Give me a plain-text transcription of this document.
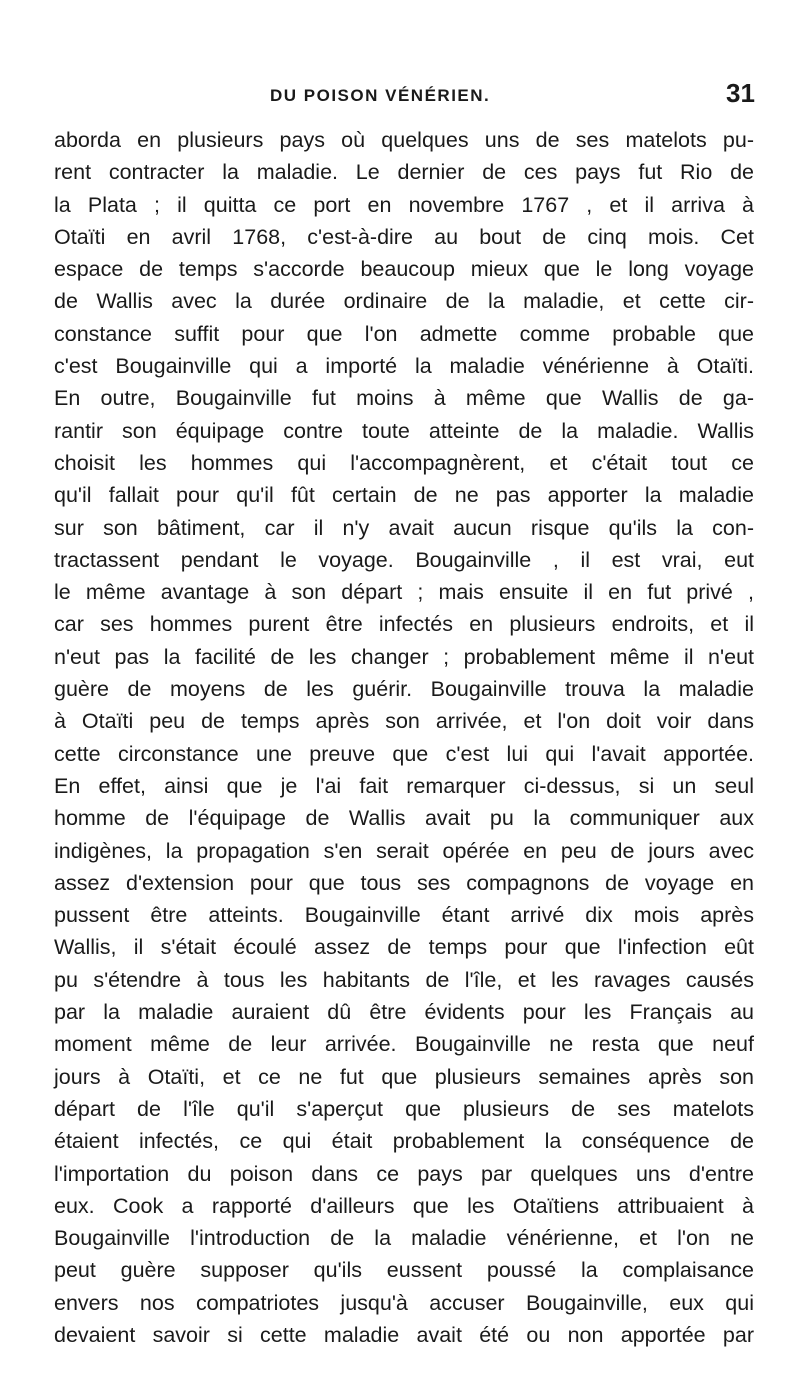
DU POISON VÉNÉRIEN.	31
aborda en plusieurs pays où quelques uns de ses matelots pu-
rent contracter la maladie. Le dernier de ces pays fut Rio de
la Plata ; il quitta ce port en novembre 1767 , et il arriva à
Otaïti en avril 1768, c'est-à-dire au bout de cinq mois. Cet
espace de temps s'accorde beaucoup mieux que le long voyage
de Wallis avec la durée ordinaire de la maladie, et cette cir-
constance suffit pour que l'on admette comme probable que
c'est Bougainville qui a importé la maladie vénérienne à Otaïti.
En outre, Bougainville fut moins à même que Wallis de ga-
rantir son équipage contre toute atteinte de la maladie. Wallis
choisit les hommes qui l'accompagnèrent, et c'était tout ce
qu'il fallait pour qu'il fût certain de ne pas apporter la maladie
sur son bâtiment, car il n'y avait aucun risque qu'ils la con-
tractassent pendant le voyage. Bougainville , il est vrai, eut
le même avantage à son départ ; mais ensuite il en fut privé ,
car ses hommes purent être infectés en plusieurs endroits, et il
n'eut pas la facilité de les changer ; probablement même il n'eut
guère de moyens de les guérir. Bougainville trouva la maladie
à Otaïti peu de temps après son arrivée, et l'on doit voir dans
cette circonstance une preuve que c'est lui qui l'avait apportée.
En effet, ainsi que je l'ai fait remarquer ci-dessus, si un seul
homme de l'équipage de Wallis avait pu la communiquer aux
indigènes, la propagation s'en serait opérée en peu de jours avec
assez d'extension pour que tous ses compagnons de voyage en
pussent être atteints. Bougainville étant arrivé dix mois après
Wallis, il s'était écoulé assez de temps pour que l'infection eût
pu s'étendre à tous les habitants de l'île, et les ravages causés
par la maladie auraient dû être évidents pour les Français au
moment même de leur arrivée. Bougainville ne resta que neuf
jours à Otaïti, et ce ne fut que plusieurs semaines après son
départ de l'île qu'il s'aperçut que plusieurs de ses matelots
étaient infectés, ce qui était probablement la conséquence de
l'importation du poison dans ce pays par quelques uns d'entre
eux. Cook a rapporté d'ailleurs que les Otaïtiens attribuaient à
Bougainville l'introduction de la maladie vénérienne, et l'on ne
peut guère supposer qu'ils eussent poussé la complaisance
envers nos compatriotes jusqu'à accuser Bougainville, eux qui
devaient savoir si cette maladie avait été ou non apportée par
